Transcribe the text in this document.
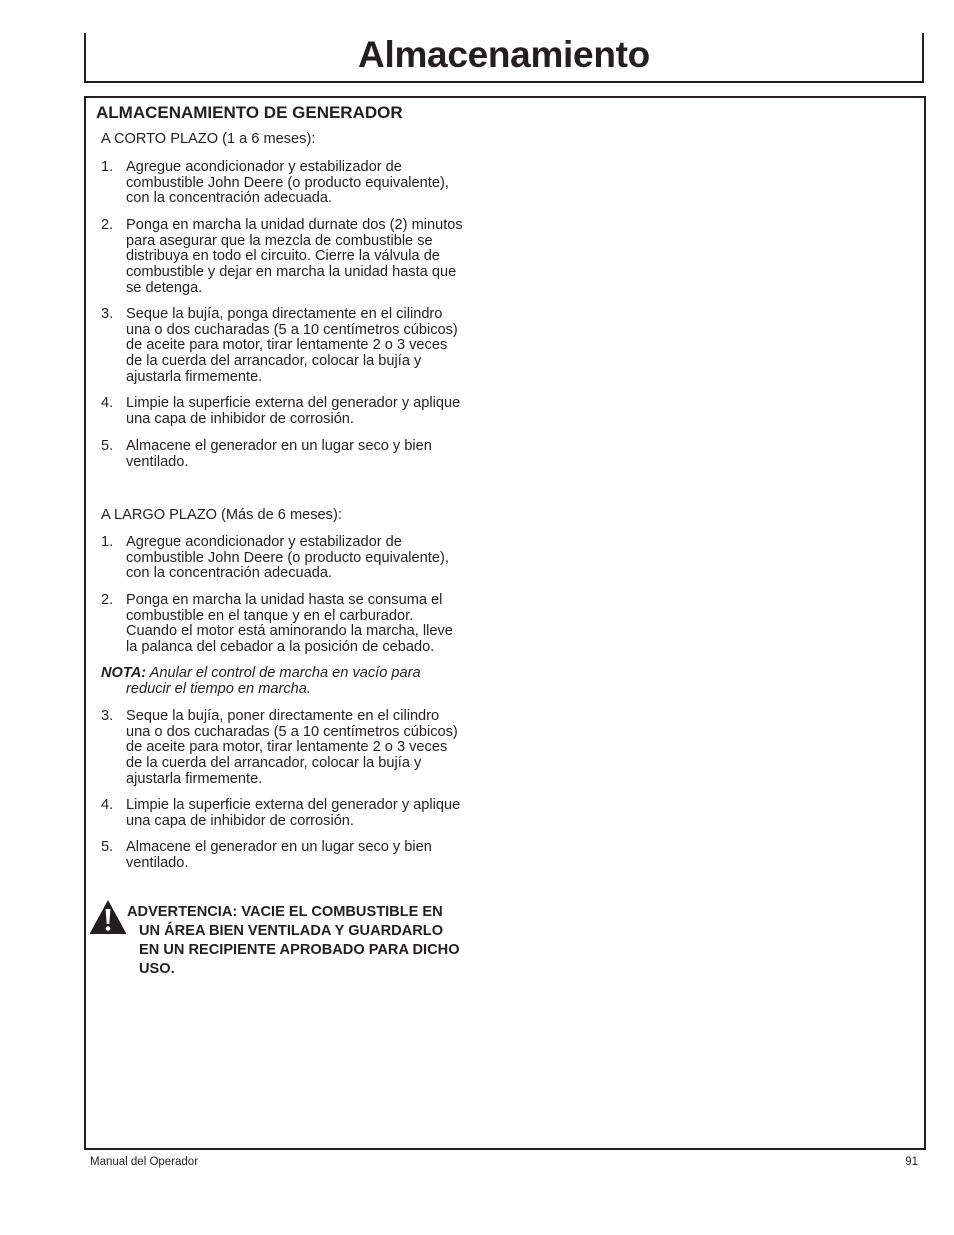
Almacenamiento
ALMACENAMIENTO DE GENERADOR
A CORTO PLAZO (1 a 6 meses):
1. Agregue acondicionador y estabilizador de
combustible John Deere (o producto equivalente),
con la concentración adecuada.
2. Ponga en marcha la unidad durnate dos (2) minutos
para asegurar que la mezcla de combustible se
distribuya en todo el circuito. Cierre la válvula de
combustible y dejar en marcha la unidad hasta que
se detenga.
3. Seque la bujía, ponga directamente en el cilindro
una o dos cucharadas (5 a 10 centímetros cúbicos)
de aceite para motor, tirar lentamente 2 o 3 veces
de la cuerda del arrancador, colocar la bujía y
ajustarla firmemente.
4. Limpie la superficie externa del generador y aplique
una capa de inhibidor de corrosión.
5. Almacene el generador en un lugar seco y bien
ventilado.
A LARGO PLAZO (Más de 6 meses):
1. Agregue acondicionador y estabilizador de
combustible John Deere (o producto equivalente),
con la concentración adecuada.
2. Ponga en marcha la unidad hasta se consuma el
combustible en el tanque y en el carburador.
Cuando el motor está aminorando la marcha, lleve
la palanca del cebador a la posición de cebado.
NOTA: Anular el control de marcha en vacío para
reducir el tiempo en marcha.
3. Seque la bujía, poner directamente en el cilindro
una o dos cucharadas (5 a 10 centímetros cúbicos)
de aceite para motor, tirar lentamente 2 o 3 veces
de la cuerda del arrancador, colocar la bujía y
ajustarla firmemente.
4. Limpie la superficie externa del generador y aplique
una capa de inhibidor de corrosión.
5. Almacene el generador en un lugar seco y bien
ventilado.
ADVERTENCIA: VACIE EL COMBUSTIBLE EN
UN ÁREA BIEN VENTILADA Y GUARDARLO
EN UN RECIPIENTE APROBADO PARA DICHO
USO.
Manual del Operador	91
